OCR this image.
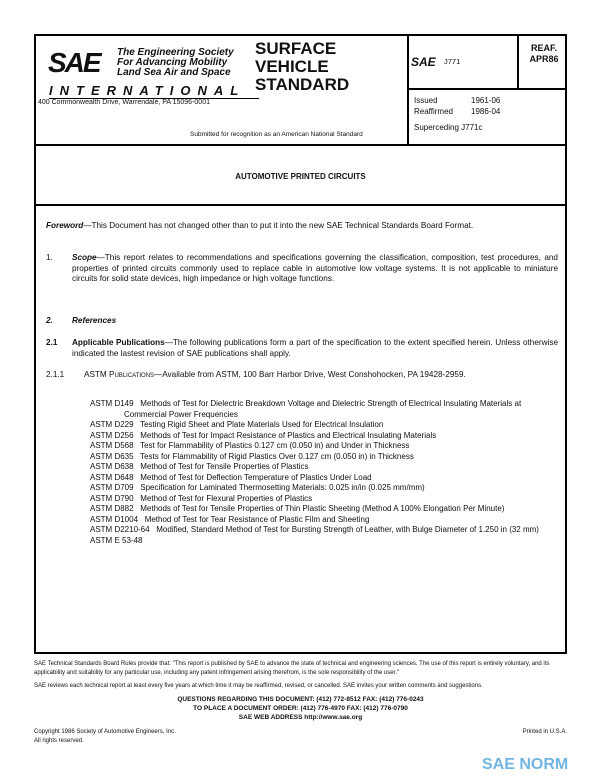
SAE The Engineering Society
For Advancing Mobility
Land Sea Air and Space
INTERNATIONAL
400 Commonwealth Drive, Warrendale, PA 15096-0001
SURFACE
VEHICLE
STANDARD
Submitted for recognition as an American National Standard
SAE J771
REAF.
APR86
Issued	1961-06
Reaffirmed 1986-04
Superceding J771c
AUTOMOTIVE PRINTED CIRCUITS
Foreword—This Document has not changed other than to put it into the new SAE Technical Standards Board Format.
1. Scope—This report relates to recommendations and specifications governing the classification, composition, test procedures, and properties of printed circuits commonly used to replace cable in automotive low voltage systems. It is not applicable to miniature circuits for solid state devices, high impedance or high voltage functions.
2. References
2.1 Applicable Publications—The following publications form a part of the specification to the extent specified herein. Unless otherwise indicated the lastest revision of SAE publications shall apply.
2.1.1 ASTM Publications—Available from ASTM, 100 Barr Harbor Drive, West Conshohocken, PA 19428-2959.
ASTM D149   Methods of Test for Dielectric Breakdown Voltage and Dielectric Strength of Electrical Insulating Materials at Commercial Power Frequencies
ASTM D229   Testing Rigid Sheet and Plate Materials Used for Electrical Insulation
ASTM D256   Methods of Test for Impact Resistance of Plastics and Electrical Insulating Materials
ASTM D568   Test for Flammability of Plastics 0.127 cm (0.050 in) and Under in Thickness
ASTM D635   Tests for Flammability of Rigid Plastics Over 0.127 cm (0.050 in) in Thickness
ASTM D638   Method of Test for Tensile Properties of Plastics
ASTM D648   Method of Test for Deflection Temperature of Plastics Under Load
ASTM D709   Specification for Laminated Thermosetting Materials: 0.025 in/in (0.025 mm/mm)
ASTM D790   Method of Test for Flexural Properties of Plastics
ASTM D882   Methods of Test for Tensile Properties of Thin Plastic Sheeting (Method A 100% Elongation Per Minute)
ASTM D1004   Method of Test for Tear Resistance of Plastic Film and Sheeting
ASTM D2210-64   Modified, Standard Method of Test for Bursting Strength of Leather, with Bulge Diameter of 1.250 in (32 mm)
ASTM E 53-48
SAE Technical Standards Board Rules provide that: "This report is published by SAE to advance the state of technical and engineering sciences. The use of this report is entirely voluntary, and its applicability and suitability for any particular use, including any patent infringement arising therefrom, is the sole responsibility of the user."
SAE reviews each technical report at least every five years at which time it may be reaffirmed, revised, or cancelled. SAE invites your written comments and suggestions.
QUESTIONS REGARDING THIS DOCUMENT: (412) 772-8512 FAX: (412) 776-0243
TO PLACE A DOCUMENT ORDER: (412) 776-4970 FAX: (412) 776-0790
SAE WEB ADDRESS http://www.sae.org
Copyright 1986 Society of Automotive Engineers, Inc.
All rights reserved.
Printed in U.S.A.
SAE NORM
